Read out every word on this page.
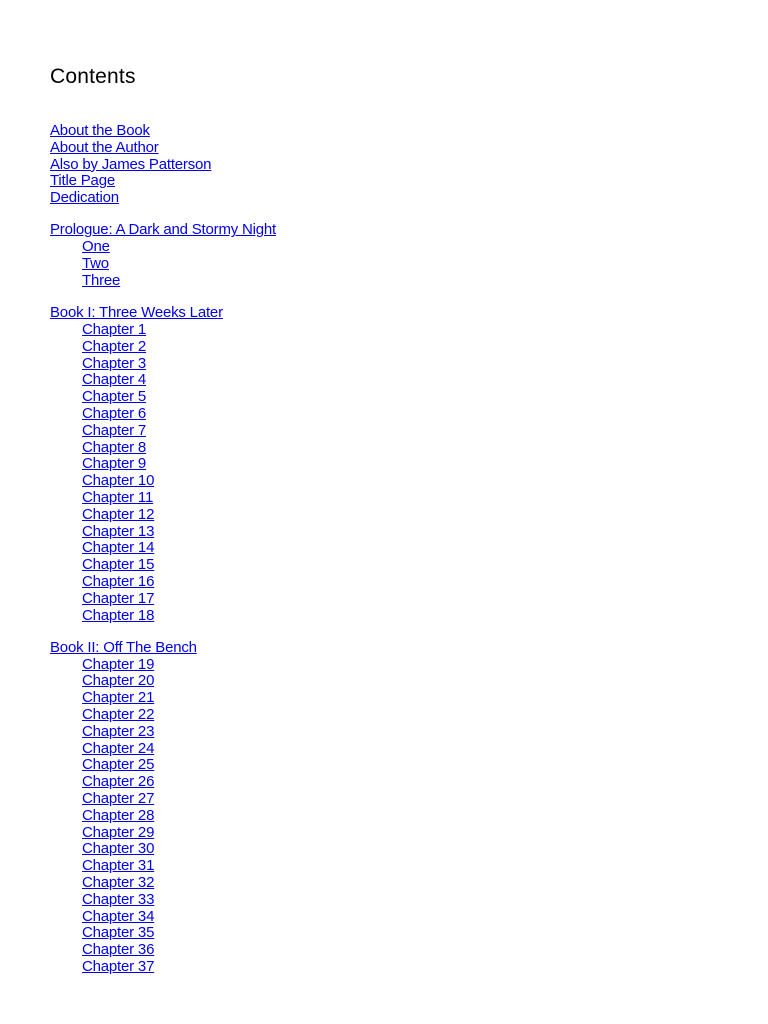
Contents
About the Book
About the Author
Also by James Patterson
Title Page
Dedication
Prologue: A Dark and Stormy Night
One
Two
Three
Book I: Three Weeks Later
Chapter 1
Chapter 2
Chapter 3
Chapter 4
Chapter 5
Chapter 6
Chapter 7
Chapter 8
Chapter 9
Chapter 10
Chapter 11
Chapter 12
Chapter 13
Chapter 14
Chapter 15
Chapter 16
Chapter 17
Chapter 18
Book II: Off The Bench
Chapter 19
Chapter 20
Chapter 21
Chapter 22
Chapter 23
Chapter 24
Chapter 25
Chapter 26
Chapter 27
Chapter 28
Chapter 29
Chapter 30
Chapter 31
Chapter 32
Chapter 33
Chapter 34
Chapter 35
Chapter 36
Chapter 37
